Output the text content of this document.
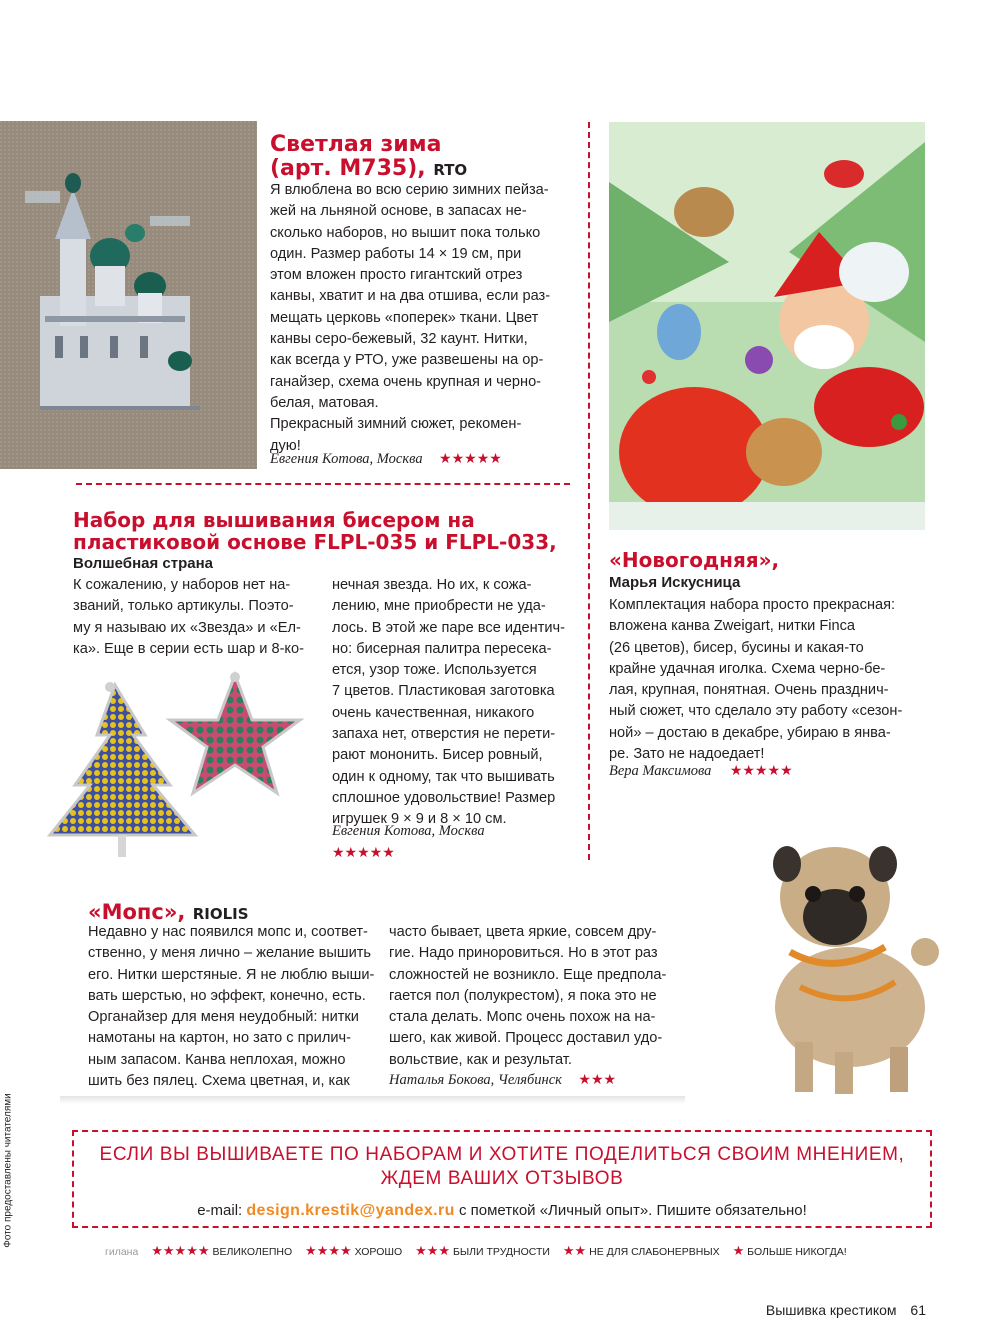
Светлая зима
(арт. M735), RTO
Я влюблена во всю серию зимних пейза-
жей на льняной основе, в запасах не-
сколько наборов, но вышит пока только
один. Размер работы 14 × 19 см, при
этом вложен просто гигантский отрез
канвы, хватит и на два отшива, если раз-
мещать церковь «поперек» ткани. Цвет
канвы серо-бежевый, 32 каунт. Нитки,
как всегда у РТО, уже развешены на ор-
ганайзер, схема очень крупная и черно-
белая, матовая.
Прекрасный зимний сюжет, рекомен-
дую!
Евгения Котова, Москва ★★★★★
Набор для вышивания бисером на
пластиковой основе FLPL-035 и FLPL-033,
Волшебная страна
К сожалению, у наборов нет на-
званий, только артикулы. Поэто-
му я называю их «Звезда» и «Ел-
ка». Еще в серии есть шар и 8-ко-
нечная звезда. Но их, к сожа-
лению, мне приобрести не уда-
лось. В этой же паре все идентич-
но: бисерная палитра пересека-
ется, узор тоже. Используется
7 цветов. Пластиковая заготовка
очень качественная, никакого
запаха нет, отверстия не перети-
рают мононить. Бисер ровный,
один к одному, так что вышивать
сплошное удовольствие! Размер
игрушек 9 × 9 и 8 × 10 см.
Евгения Котова, Москва
★★★★★
«Новогодняя»,
Марья Искусница
Комплектация набора просто прекрасная:
вложена канва Zweigart, нитки Finca
(26 цветов), бисер, бусины и какая-то
крайне удачная иголка. Схема черно-бе-
лая, крупная, понятная. Очень празднич-
ный сюжет, что сделало эту работу «сезон-
ной» – достаю в декабре, убираю в янва-
ре. Зато не надоедает!
Вера Максимова ★★★★★
«Мопс», RIOLIS
Недавно у нас появился мопс и, соответ-
ственно, у меня лично – желание вышить
его. Нитки шерстяные. Я не люблю выши-
вать шерстью, но эффект, конечно, есть.
Органайзер для меня неудобный: нитки
намотаны на картон, но зато с прилич-
ным запасом. Канва неплохая, можно
шить без пялец. Схема цветная, и, как
часто бывает, цвета яркие, совсем дру-
гие. Надо приноровиться. Но в этот раз
сложностей не возникло. Еще предпола-
гается пол (полукрестом), я пока это не
стала делать. Мопс очень похож на на-
шего, как живой. Процесс доставил удо-
вольствие, как и результат.
Наталья Бокова, Челябинск ★★★
ЕСЛИ ВЫ ВЫШИВАЕТЕ ПО НАБОРАМ И ХОТИТЕ ПОДЕЛИТЬСЯ СВОИМ МНЕНИЕМ,
ЖДЕМ ВАШИХ ОТЗЫВОВ
e-mail: design.krestik@yandex.ru с пометкой «Личный опыт». Пишите обязательно!
гилана ★★★★★ ВЕЛИКОЛЕПНО ★★★★ ХОРОШО ★★★ БЫЛИ ТРУДНОСТИ ★★ НЕ ДЛЯ СЛАБОНЕРВНЫХ ★ БОЛЬШЕ НИКОГДА!
Фото предоставлены читателями
Вышивка крестиком 61
